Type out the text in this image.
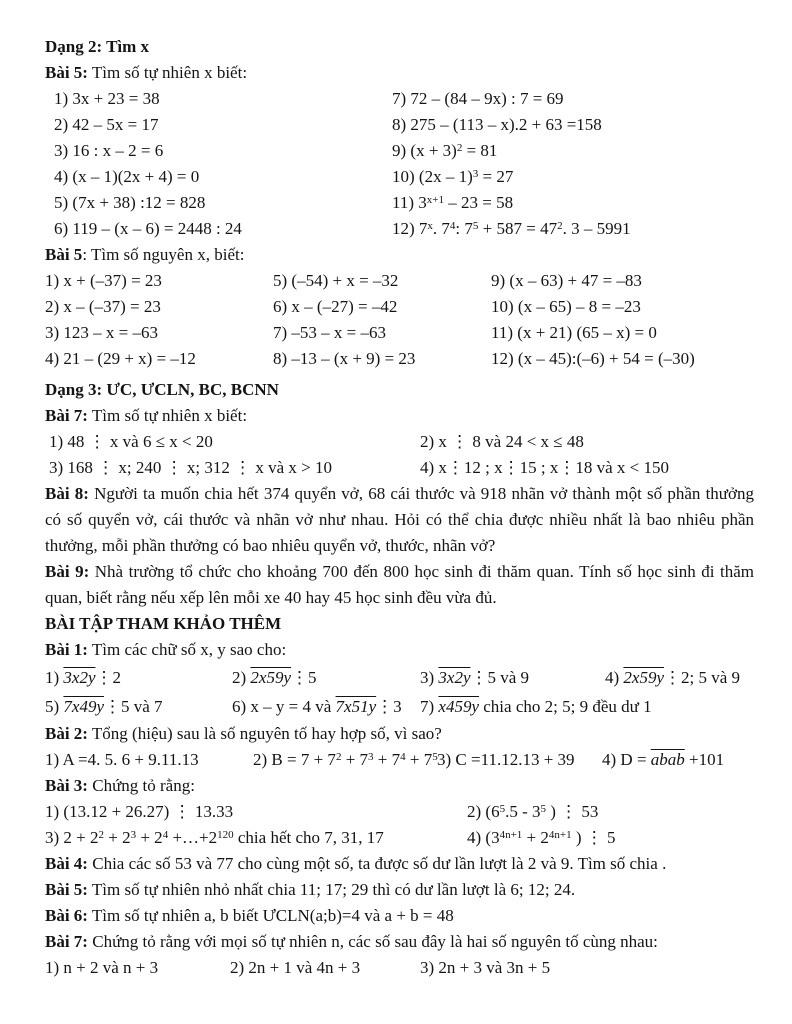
Dạng 2: Tìm x
Bài 5: Tìm số tự nhiên x biết:
1) 3x + 23 = 38	7) 72 – (84 – 9x) : 7 = 69
2) 42 – 5x = 17	8) 275 – (113 – x).2 + 63 =158
3) 16 : x – 2 = 6	9) $(x + 3)^2 = 81$
4) (x – 1)(2x + 4) = 0	10) (2x – 1)$^3$ = 27
5) (7x + 38) :12 = 828	11) $3^{x+1} - 23 = 58$
6) 119 – (x – 6) = 2448 : 24	12) 7$^x$. $7^4$: $7^5 + 587 = 47^2$. 3 – 5991
Bài 5: Tìm số nguyên x, biết:
1) x + (–37) = 23	5) (–54) + x = –32	9) (x – 63) + 47 = –83
2) x – (–37) = 23	6) x – (–27) = –42	10) (x – 65) – 8 = –23
3) 123 – x = –63	7) –53 – x = –63	11) (x + 21) (65 – x) = 0
4) 21 – (29 + x) = –12	8) –13 – (x + 9) = 23	12) (x – 45):(–6) + 54 = (–30)
Dạng 3: ƯC, ƯCLN, BC, BCNN
Bài 7: Tìm số tự nhiên x biết:
1) 48 ⋮ x và 6 ≤ x < 20	2) x ⋮ 8 và 24 < x ≤ 48
3) 168 ⋮ x; 240 ⋮ x; 312 ⋮ x và x > 10	4) x⋮12 ; x⋮15 ; x⋮18 và x < 150
Bài 8: Người ta muốn chia hết 374 quyển vở, 68 cái thước và 918 nhãn vở thành một số phần thưởng có số quyển vở, cái thước và nhãn vở như nhau. Hỏi có thể chia được nhiều nhất là bao nhiêu phần thưởng, mỗi phần thưởng có bao nhiêu quyển vở, thước, nhãn vở?
Bài 9: Nhà trường tổ chức cho khoảng 700 đến 800 học sinh đi thăm quan. Tính số học sinh đi thăm quan, biết rằng nếu xếp lên mỗi xe 40 hay 45 học sinh đều vừa đủ.
BÀI TẬP THAM KHẢO THÊM
Bài 1: Tìm các chữ số x, y sao cho:
1) 3x2y⋮2	2) 2x59y⋮5	3) 3x2y⋮5 và 9	4) 2x59y⋮2; 5 và 9
5) 7x49y⋮5 và 7	6) x – y = 4 và 7x51y⋮3	7) x459y chia cho 2; 5; 9 đều dư 1
Bài 2: Tổng (hiệu) sau là số nguyên tố hay hợp số, vì sao?
1) A =4. 5. 6 + 9.11.13	2) $B = 7 + 7^2 + 7^3 + 7^4 + 7^5$ 3) C =11.12.13 + 39	4) D = abab +101
Bài 3: Chứng tỏ rằng:
1) (13.12 + 26.27) ⋮ 13.33	2) ($6^5.5 - 3^5$ ) ⋮ 53
3) $2 + 2^2 + 2^3 + 2^4$ $+\dots+2^{120}$ chia hết cho 7, 31, 17	4) ($3^{4n+1} + 2^{4n+1}$ ) ⋮ 5
Bài 4: Chia các số 53 và 77 cho cùng một số, ta được số dư lần lượt là 2 và 9. Tìm số chia .
Bài 5: Tìm số tự nhiên nhỏ nhất chia 11; 17; 29 thì có dư lần lượt là 6; 12; 24.
Bài 6: Tìm số tự nhiên a, b biết ƯCLN(a;b)=4 và a + b = 48
Bài 7: Chứng tỏ rằng với mọi số tự nhiên n, các số sau đây là hai số nguyên tố cùng nhau:
1) n + 2 và n + 3	2) 2n + 1 và 4n + 3	3) 2n + 3 và 3n + 5
